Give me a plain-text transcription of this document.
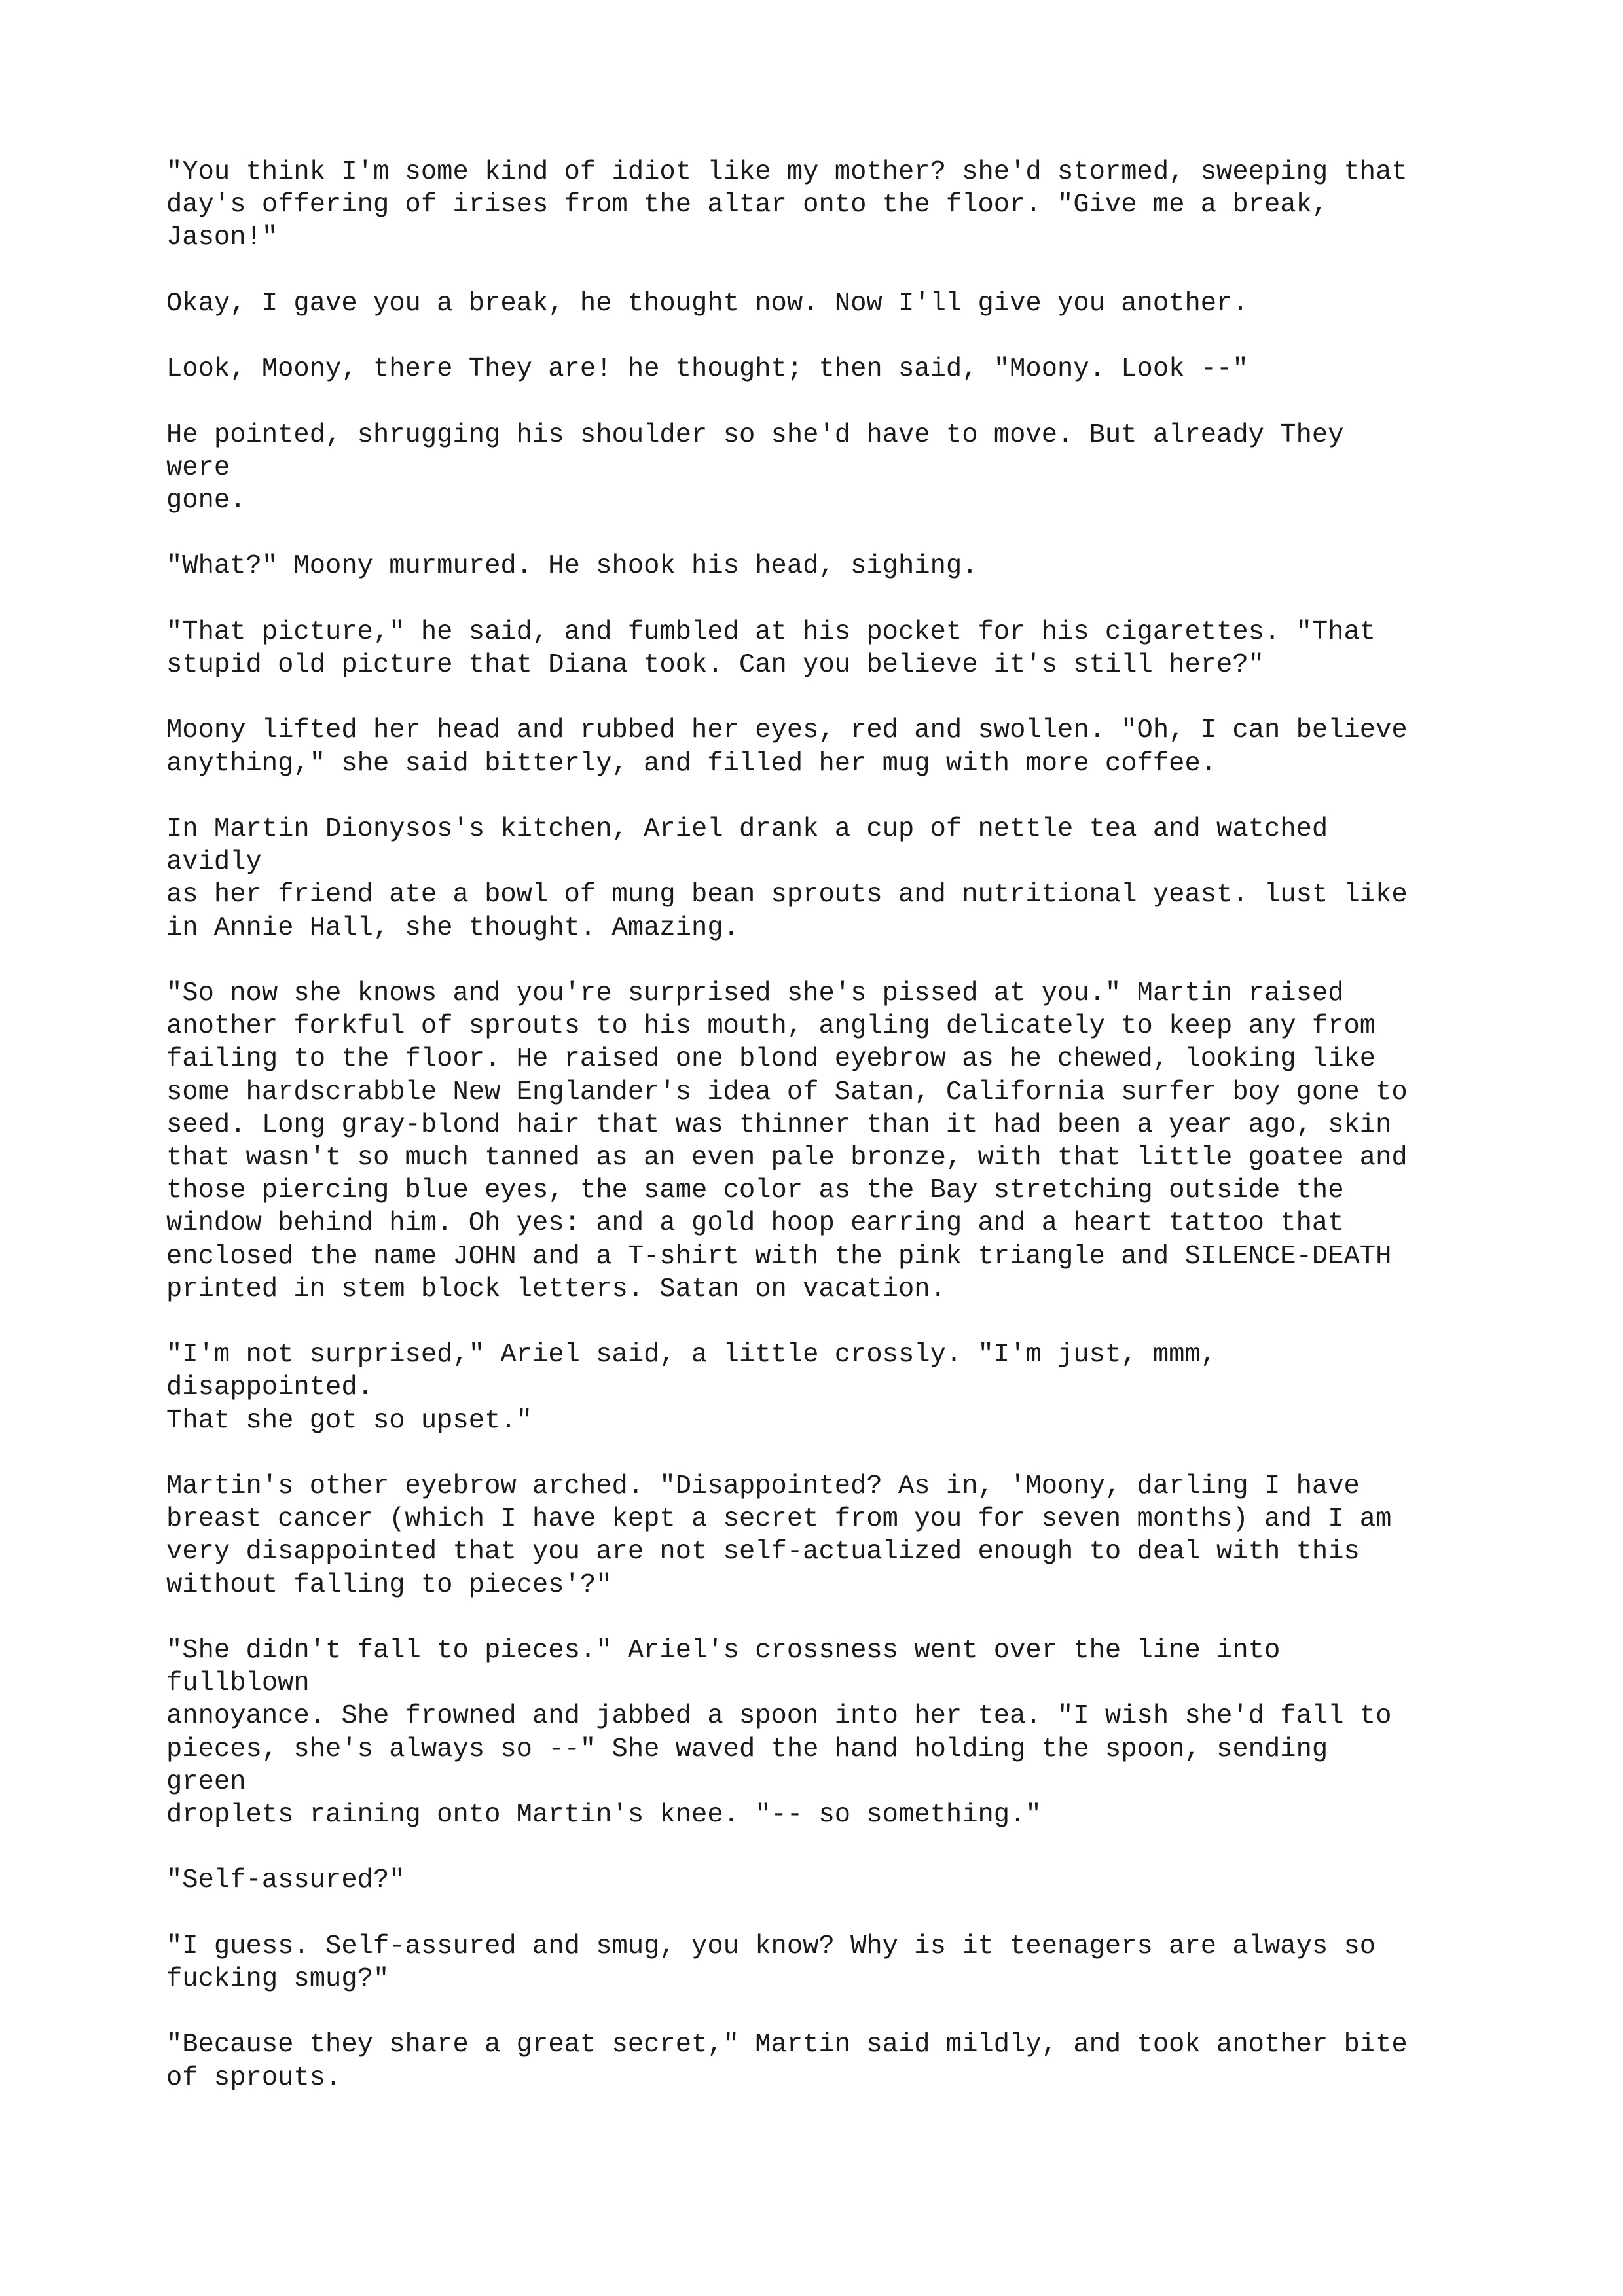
"You think I'm some kind of idiot like my mother? she'd stormed, sweeping that
day's offering of irises from the altar onto the floor. "Give me a break,
Jason!"
Okay, I gave you a break, he thought now. Now I'll give you another.
Look, Moony, there They are! he thought; then said, "Moony. Look --"
He pointed, shrugging his shoulder so she'd have to move. But already They
were
gone.
"What?" Moony murmured. He shook his head, sighing.
"That picture," he said, and fumbled at his pocket for his cigarettes. "That
stupid old picture that Diana took. Can you believe it's still here?"
Moony lifted her head and rubbed her eyes, red and swollen. "Oh, I can believe
anything," she said bitterly, and filled her mug with more coffee.
In Martin Dionysos's kitchen, Ariel drank a cup of nettle tea and watched
avidly
as her friend ate a bowl of mung bean sprouts and nutritional yeast. lust like
in Annie Hall, she thought. Amazing.
"So now she knows and you're surprised she's pissed at you." Martin raised
another forkful of sprouts to his mouth, angling delicately to keep any from
failing to the floor. He raised one blond eyebrow as he chewed, looking like
some hardscrabble New Englander's idea of Satan, California surfer boy gone to
seed. Long gray-blond hair that was thinner than it had been a year ago, skin
that wasn't so much tanned as an even pale bronze, with that little goatee and
those piercing blue eyes, the same color as the Bay stretching outside the
window behind him. Oh yes: and a gold hoop earring and a heart tattoo that
enclosed the name JOHN and a T-shirt with the pink triangle and SILENCE-DEATH
printed in stem block letters. Satan on vacation.
"I'm not surprised," Ariel said, a little crossly. "I'm just, mmm,
disappointed.
That she got so upset."
Martin's other eyebrow arched. "Disappointed? As in, 'Moony, darling I have
breast cancer (which I have kept a secret from you for seven months) and I am
very disappointed that you are not self-actualized enough to deal with this
without falling to pieces'?"
"She didn't fall to pieces." Ariel's crossness went over the line into
fullblown
annoyance. She frowned and jabbed a spoon into her tea. "I wish she'd fall to
pieces, she's always so --" She waved the hand holding the spoon, sending
green
droplets raining onto Martin's knee. "-- so something."
"Self-assured?"
"I guess. Self-assured and smug, you know? Why is it teenagers are always so
fucking smug?"
"Because they share a great secret," Martin said mildly, and took another bite
of sprouts.
